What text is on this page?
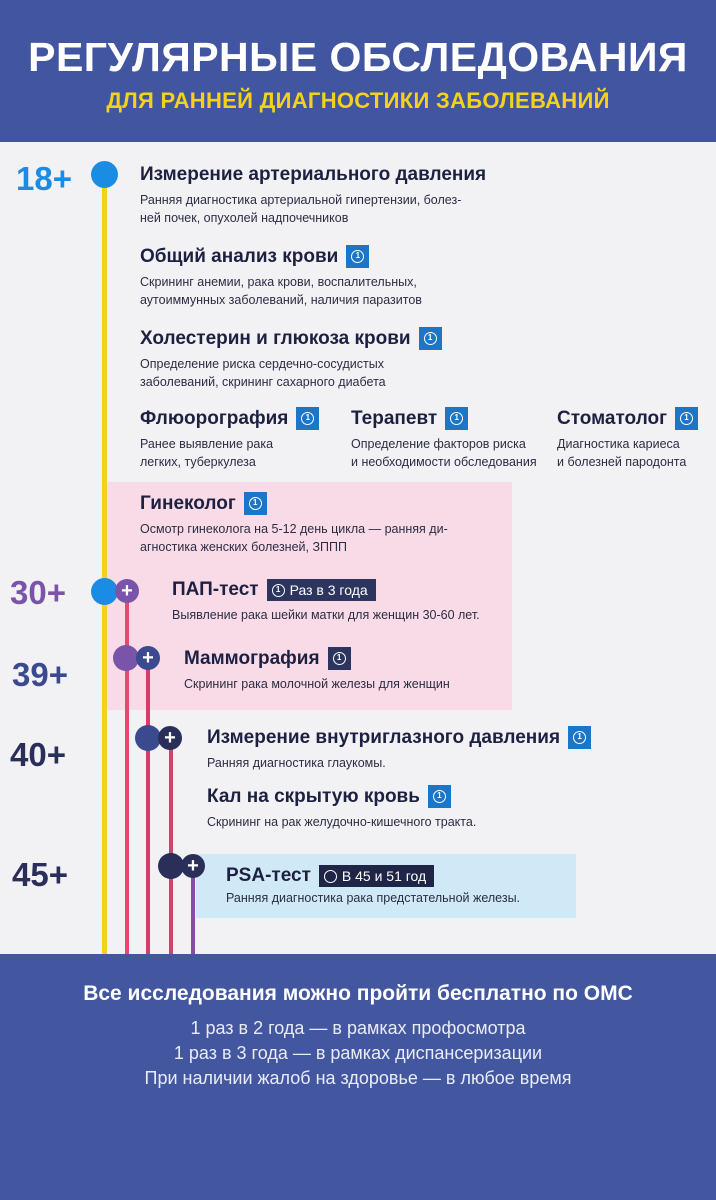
РЕГУЛЯРНЫЕ ОБСЛЕДОВАНИЯ
ДЛЯ РАННЕЙ ДИАГНОСТИКИ ЗАБОЛЕВАНИЙ
18+
30+
39+
40+
45+
+
+
+
+
Измерение артериального давления
Ранняя диагностика артериальной гипертензии, болез-
ней почек, опухолей надпочечников
Общий анализ крови	1
Скрининг анемии, рака крови, воспалительных,
аутоиммунных заболеваний, наличия паразитов
Холестерин и глюкоза крови	1
Определение риска сердечно-сосудистых
заболеваний, скрининг сахарного диабета
Флюорография	1
Ранее выявление рака
легких, туберкулеза
Терапевт	1
Определение факторов риска
и необходимости обследования
Стоматолог	1
Диагностика кариеса
и болезней пародонта
Гинеколог	1
Осмотр гинеколога на 5-12 день цикла — ранняя ди-
агностика женских болезней, ЗППП
ПАП-тест	1 Раз в 3 года
Выявление рака шейки матки для женщин 30-60 лет.
Маммография	1
Скрининг рака молочной железы для женщин
Измерение внутриглазного давления	1
Ранняя диагностика глаукомы.
Кал на скрытую кровь	1
Скрининг на рак желудочно-кишечного тракта.
PSA-тест В 45 и 51 год
Ранняя диагностика рака предстательной железы.
Все исследования можно пройти бесплатно по ОМС
1 раз в 2 года — в рамках профосмотра
1 раз в 3 года — в рамках диспансеризации
При наличии жалоб на здоровье — в любое время
